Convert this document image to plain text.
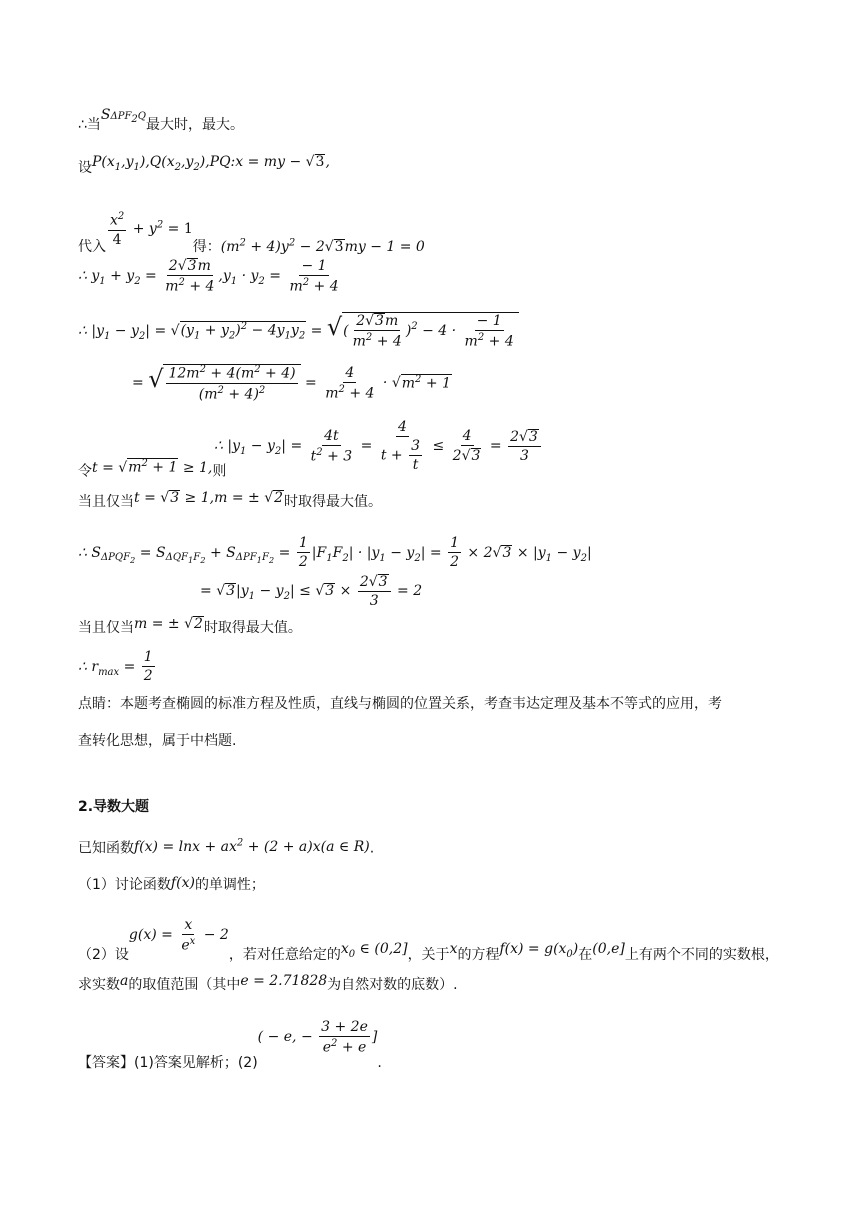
∴当$S\Delta PF_2Q$最大时，最大。
设$P(x_1,y_1),Q(x_2,y_2),PQ:x$ = my − √3,
代入
$\frac{x^2}{4} + y^2 = 1$得：$(m^2 + 4)y^2 - 2√3my - 1 = 0$
∴ $y_1 + y_2 = \frac{2√3m}{m^2 + 4} ,y_1 \cdot y_2 = \frac{- 1}{m^2 + 4}$
∴ $|y_1 - y_2| = √(y_1 + y_2)^2 - 4y_1y_2$ = √( $\frac{2√3m}{m^2 + 4} )^2 - 4 \cdot \frac{- 1}{m^2 + 4}$
= √ $\frac{12m^2 + 4(m^2 + 4)}{(m^2 + 4)^2} = \frac{4}{m^2 + 4} \cdot √m^2 + 1$
∴ $|y_1 - y_2| = \frac{4t}{t^2 + 3} = \frac{4}{t + \frac{3}{t}} \le \frac{4}{2√3} = \frac{2√3}{3}$
令$t = √m^2 + 1 \ge 1$,则
当且仅当t = √3 ≥ 1,m = ± √2时取得最大值。
∴ $S_{\Delta PQF_2} = S_{\Delta QF_1F_2} + S_{\Delta PF_1F_2} = \frac{1}{2} |F_1F_2| \cdot |y_1 - y_2| = \frac{1}{2} \times 2√3 \times |y_1 - y_2|$
= $√3|y_1 - y_2| \le √3 \times \frac{2√3}{3} = 2$
当且仅当m = ± √2时取得最大值。
∴ $r_{max} = \frac{1}{2}$
点睛：本题考查椭圆的标准方程及性质，直线与椭圆的位置关系，考查韦达定理及基本不等式的应用，考
查转化思想，属于中档题.
2.导数大题
已知函数$f(x) = \ln x + ax^2 + (2 + a)x(a$ ∈ R).
（1）讨论函数f(x)的单调性；
（2）设$g(x) = \frac{x}{e^x} - 2$，若对任意给定的$x_0$ ∈ (0,2]，关于x的方程$f(x) = g(x_0)$在(0,e]上有两个不同的实数根，
求实数a的取值范围（其中e = 2.71828为自然对数的底数）.
【答案】(1)答案见解析；(2)( − e, − $\frac{3 + 2e}{e^2 + e}$ ].
